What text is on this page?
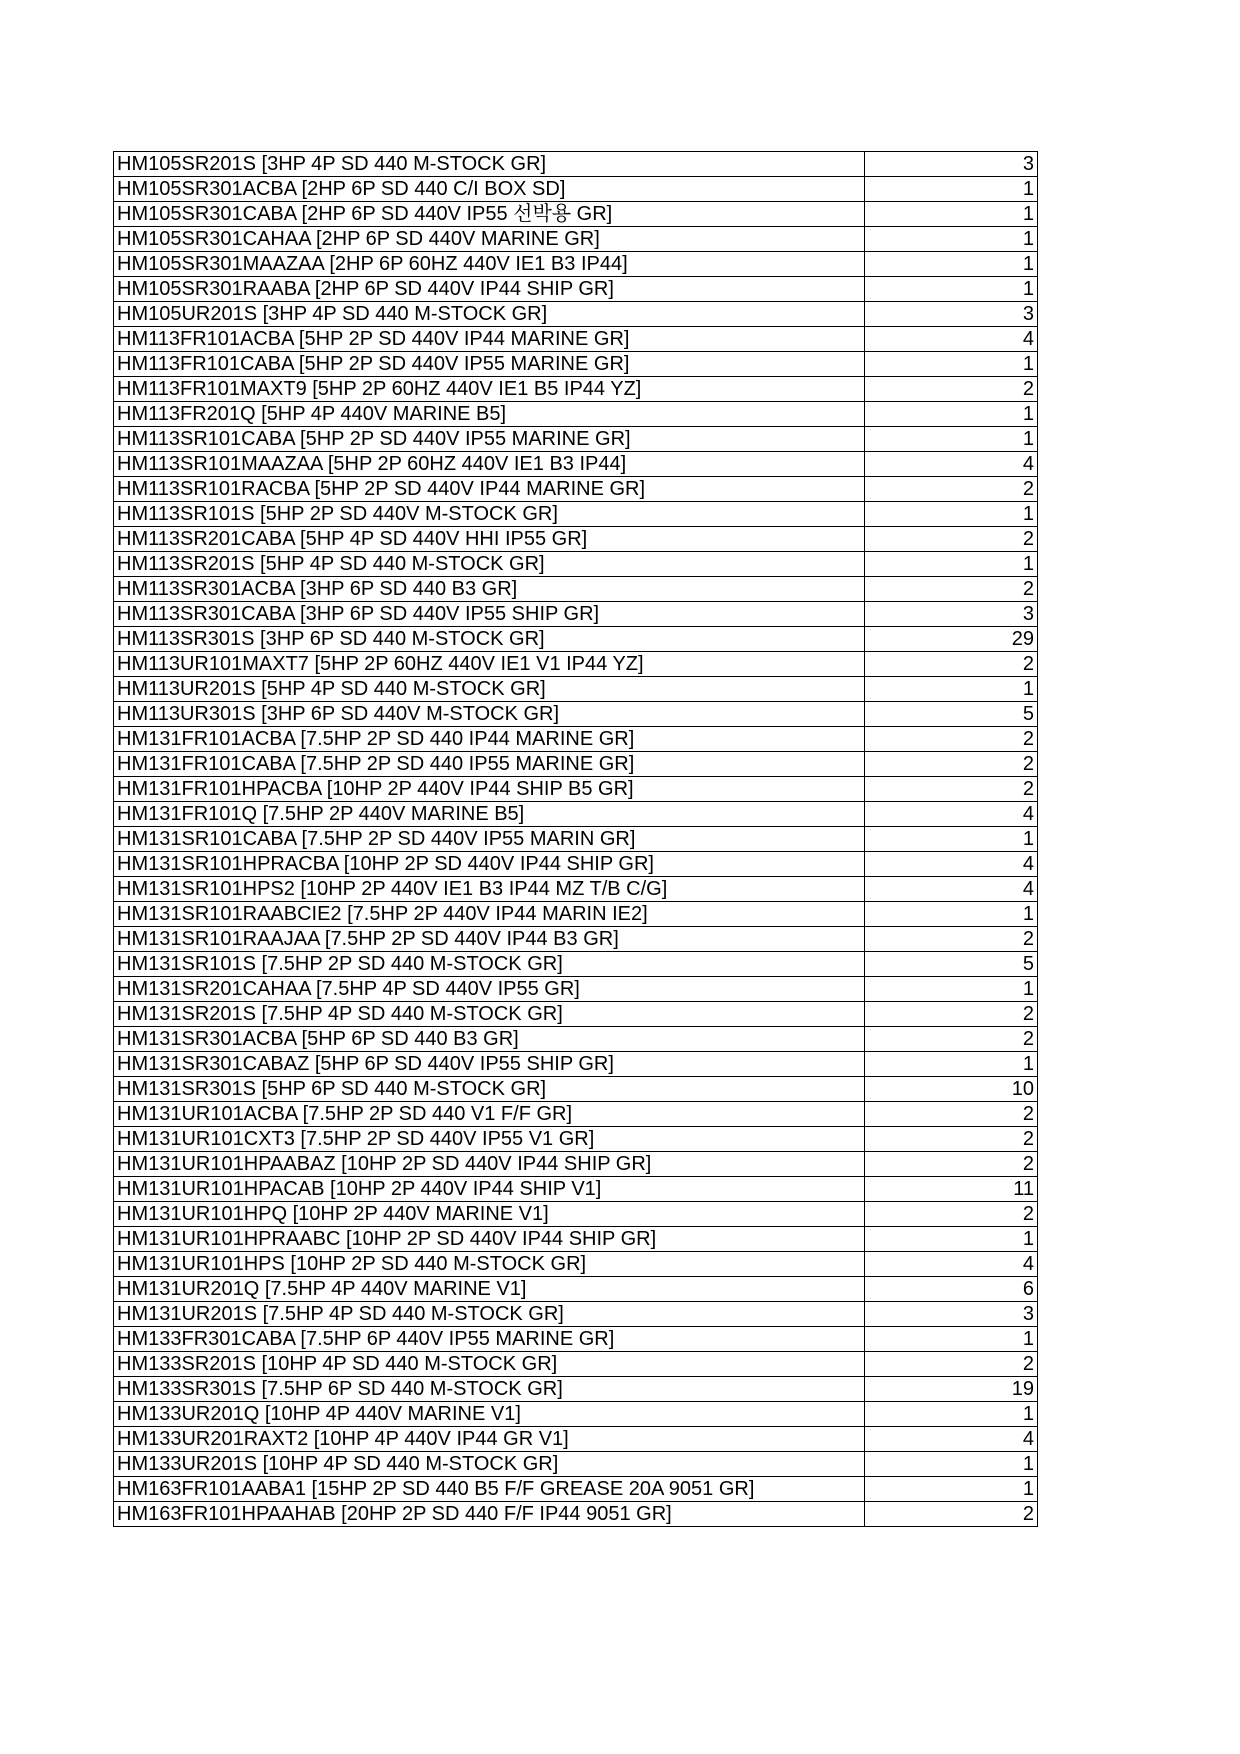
HM105SR201S [3HP 4P SD 440 M-STOCK GR]	3
HM105SR301ACBA [2HP 6P SD 440 C/I BOX SD]	1
HM105SR301CABA [2HP 6P SD 440V IP55 선박용 GR]	1
HM105SR301CAHAA [2HP 6P SD 440V MARINE GR]	1
HM105SR301MAAZAA [2HP 6P 60HZ 440V IE1 B3 IP44]	1
HM105SR301RAABA [2HP 6P SD 440V IP44 SHIP GR]	1
HM105UR201S [3HP 4P SD 440 M-STOCK GR]	3
HM113FR101ACBA [5HP 2P SD 440V IP44 MARINE GR]	4
HM113FR101CABA [5HP 2P SD 440V IP55 MARINE GR]	1
HM113FR101MAXT9 [5HP 2P 60HZ 440V IE1 B5 IP44 YZ]	2
HM113FR201Q [5HP 4P 440V MARINE B5]	1
HM113SR101CABA [5HP 2P SD 440V IP55 MARINE GR]	1
HM113SR101MAAZAA [5HP 2P 60HZ 440V IE1 B3 IP44]	4
HM113SR101RACBA [5HP 2P SD 440V IP44 MARINE GR]	2
HM113SR101S [5HP 2P SD 440V M-STOCK GR]	1
HM113SR201CABA [5HP 4P SD 440V HHI IP55 GR]	2
HM113SR201S [5HP 4P SD 440 M-STOCK GR]	1
HM113SR301ACBA [3HP 6P SD 440 B3 GR]	2
HM113SR301CABA [3HP 6P SD 440V IP55 SHIP GR]	3
HM113SR301S [3HP 6P SD 440 M-STOCK GR]	29
HM113UR101MAXT7 [5HP 2P 60HZ 440V IE1 V1 IP44 YZ]	2
HM113UR201S [5HP 4P SD 440 M-STOCK GR]	1
HM113UR301S [3HP 6P SD 440V M-STOCK GR]	5
HM131FR101ACBA [7.5HP 2P SD 440 IP44 MARINE GR]	2
HM131FR101CABA [7.5HP 2P SD 440 IP55 MARINE GR]	2
HM131FR101HPACBA [10HP 2P 440V IP44 SHIP B5 GR]	2
HM131FR101Q [7.5HP 2P 440V MARINE B5]	4
HM131SR101CABA [7.5HP 2P SD 440V IP55 MARIN GR]	1
HM131SR101HPRACBA [10HP 2P SD 440V IP44 SHIP GR]	4
HM131SR101HPS2 [10HP 2P 440V IE1 B3 IP44 MZ T/B C/G]	4
HM131SR101RAABCIE2 [7.5HP 2P 440V IP44 MARIN IE2]	1
HM131SR101RAAJAA [7.5HP 2P SD 440V IP44 B3 GR]	2
HM131SR101S [7.5HP 2P SD 440 M-STOCK GR]	5
HM131SR201CAHAA [7.5HP 4P SD 440V IP55 GR]	1
HM131SR201S [7.5HP 4P SD 440 M-STOCK GR]	2
HM131SR301ACBA [5HP 6P SD 440 B3 GR]	2
HM131SR301CABAZ [5HP 6P SD 440V IP55 SHIP GR]	1
HM131SR301S [5HP 6P SD 440 M-STOCK GR]	10
HM131UR101ACBA [7.5HP 2P SD 440 V1 F/F GR]	2
HM131UR101CXT3 [7.5HP 2P SD 440V IP55 V1 GR]	2
HM131UR101HPAABAZ [10HP 2P SD 440V IP44 SHIP GR]	2
HM131UR101HPACAB [10HP 2P 440V IP44 SHIP V1]	11
HM131UR101HPQ [10HP 2P 440V MARINE V1]	2
HM131UR101HPRAABC [10HP 2P SD 440V IP44 SHIP GR]	1
HM131UR101HPS [10HP 2P SD 440 M-STOCK GR]	4
HM131UR201Q [7.5HP 4P 440V MARINE V1]	6
HM131UR201S [7.5HP 4P SD 440 M-STOCK GR]	3
HM133FR301CABA [7.5HP 6P 440V IP55 MARINE GR]	1
HM133SR201S [10HP 4P SD 440 M-STOCK GR]	2
HM133SR301S [7.5HP 6P SD 440 M-STOCK GR]	19
HM133UR201Q [10HP 4P 440V MARINE V1]	1
HM133UR201RAXT2 [10HP 4P 440V IP44 GR V1]	4
HM133UR201S [10HP 4P SD 440 M-STOCK GR]	1
HM163FR101AABA1 [15HP 2P SD 440 B5 F/F GREASE 20A 9051 GR]	1
HM163FR101HPAAHAB [20HP 2P SD 440 F/F IP44 9051 GR]	2
